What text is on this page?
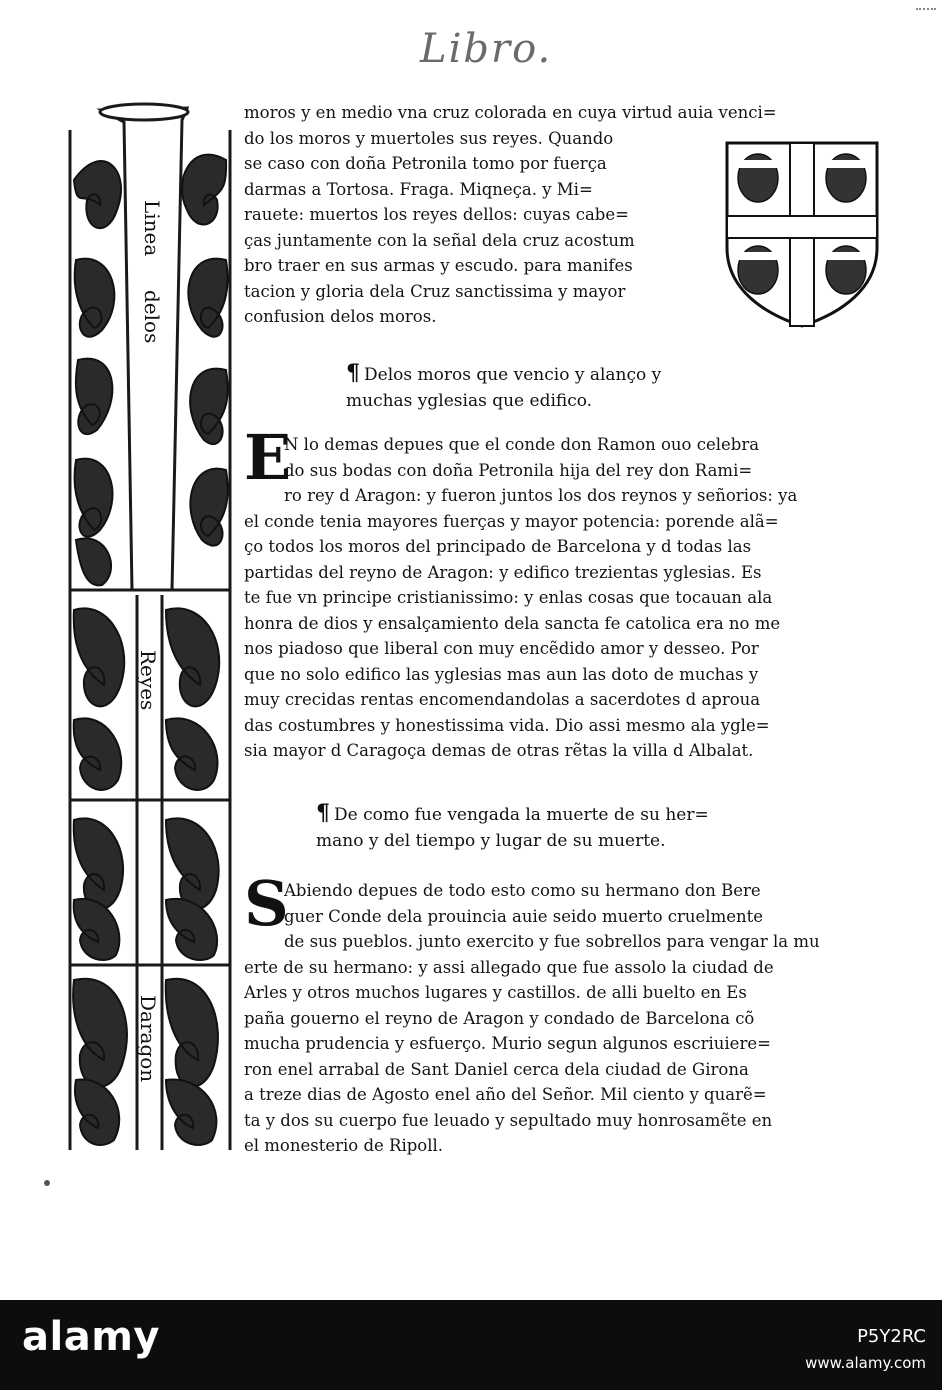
Libro.
Linea
delos
Reyes
Daragon
moros y en medio vna cruz colorada en cuya virtud auia venci=
do los moros y muertoles sus reyes. Quando
se caso con doña Petronila tomo por fuerça
darmas a Tortosa. Fraga. Miqneça. y Mi=
rauete: muertos los reyes dellos: cuyas cabe=
ças juntamente con la señal dela cruz acostum
bro traer en sus armas y escudo. para manifes
tacion y gloria dela Cruz sanctissima y mayor
confusion delos moros.
¶ Delos moros que vencio y alanço y
muchas yglesias que edifico.
E
N lo demas depues que el conde don Ramon ouo celebra
do sus bodas con doña Petronila hija del rey don Rami=
ro rey d Aragon: y fueron juntos los dos reynos y señorios: ya
el conde tenia mayores fuerças y mayor potencia: porende alã=
ço todos los moros del principado de Barcelona y d todas las
partidas del reyno de Aragon: y edifico trezientas yglesias. Es
te fue vn principe cristianissimo: y enlas cosas que tocauan ala
honra de dios y ensalçamiento dela sancta fe catolica era no me
nos piadoso que liberal con muy encẽdido amor y desseo. Por
que no solo edifico las yglesias mas aun las doto de muchas y
muy crecidas rentas encomendandolas a sacerdotes d aproua
das costumbres y honestissima vida. Dio assi mesmo ala ygle=
sia mayor d Caragoça demas de otras rẽtas la villa d Albalat.
¶ De como fue vengada la muerte de su her=
mano y del tiempo y lugar de su muerte.
S
Abiendo depues de todo esto como su hermano don Bere
guer Conde dela prouincia auie seido muerto cruelmente
de sus pueblos. junto exercito y fue sobrellos para vengar la mu
erte de su hermano: y assi allegado que fue assolo la ciudad de
Arles y otros muchos lugares y castillos. de alli buelto en Es
paña gouerno el reyno de Aragon y condado de Barcelona cõ
mucha prudencia y esfuerço. Murio segun algunos escriuiere=
ron enel arrabal de Sant Daniel cerca dela ciudad de Girona
a treze dias de Agosto enel año del Señor. Mil ciento y quarẽ=
ta y dos su cuerpo fue leuado y sepultado muy honrosamẽte en
el monesterio de Ripoll.
alamy	P5Y2RC
www.alamy.com
